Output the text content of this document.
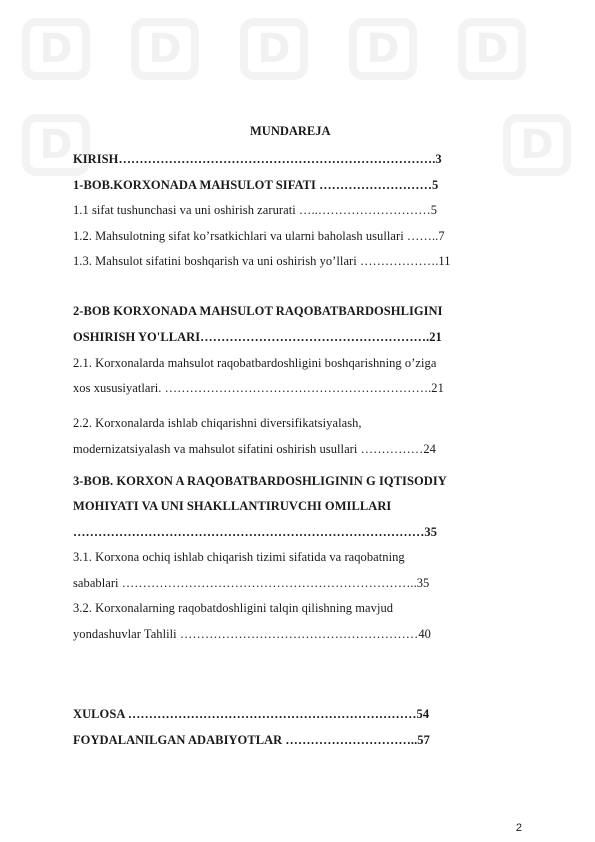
D	D	D	D	D
D	D
MUNDAREJA
KIRISH………………………………………………………………….3
1-BOB.KORXONADA MAHSULOT SIFATI ………………………5
1.1 sifat tushunchasi va uni oshirish zarurati …..………………………5
1.2. Mahsulotning sifat ko’rsatkichlari va ularni baholash usullari ……..7
1.3. Mahsulot sifatini boshqarish va uni oshirish yo’llari ……………….11
2-BOB KORXONADA MAHSULOT RAQOBATBARDOSHLIGINI
OSHIRISH YO'LLARI……………………………………………….21
2.1. Korxonalarda mahsulot raqobatbardoshligini boshqarishning o’ziga
xos xususiyatlari. ……………………………………………………….21
2.2. Korxonalarda ishlab chiqarishni diversifikatsiyalash,
modernizatsiyalash va mahsulot sifatini oshirish usullari ……………24
3-BOB. KORXON A RAQOBATBARDOSHLIGININ G IQTISODIY
MOHIYATI VA UNI SHAKLLANTIRUVCHI OMILLARI
…………………………………………………………………………35
3.1. Korxona ochiq ishlab chiqarish tizimi sifatida va raqobatning
sabablari ……………………………………………………………..35
3.2. Korxonalarning raqobatdoshligini talqin qilishning mavjud
yondashuvlar Tahlili …………………………………………………40
XULOSA ……………………………………………………………54
FOYDALANILGAN ADABIYOTLAR …………………………..57
2
